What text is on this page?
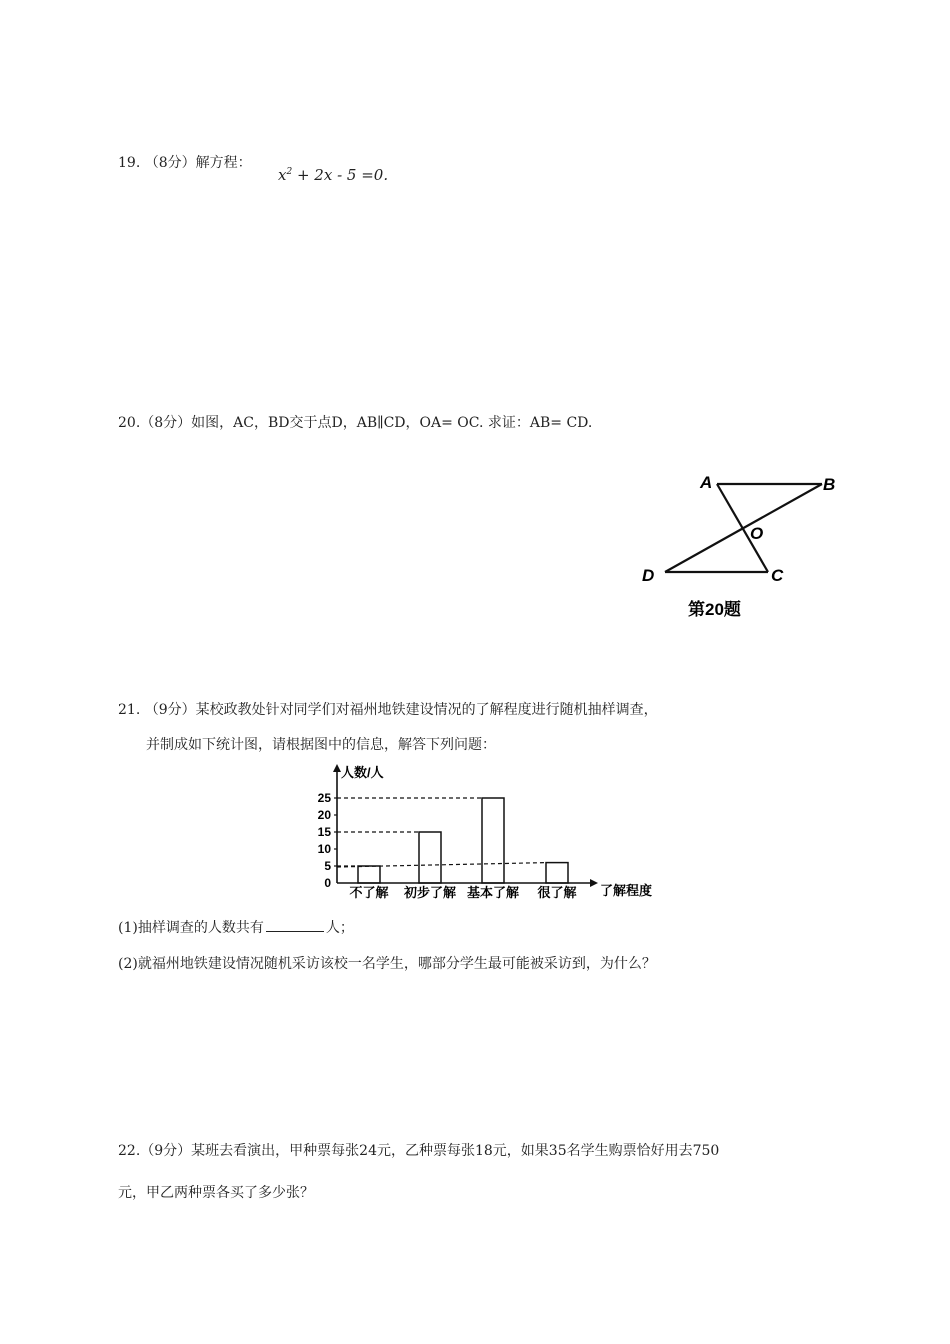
19. （8分）解方程：
$x^2 + 2x - 5 =0$.
20.（8分）如图，AC，BD交于点D，AB∥CD，OA= OC. 求证：AB= CD.
A	B
O
D	C
第20题
21. （9分）某校政教处针对同学们对福州地铁建设情况的了解程度进行随机抽样调查，
并制成如下统计图，请根据图中的信息，解答下列问题：
人数/人
了解程度
0
5
10
15
20
25
不了解 初步了解 基本了解 很了解
(1)抽样调查的人数共有	人；
(2)就福州地铁建设情况随机采访该校一名学生，哪部分学生最可能被采访到，为什么？
22.（9分）某班去看演出，甲种票每张24元，乙种票每张18元，如果35名学生购票恰好用去750
元，甲乙两种票各买了多少张？
